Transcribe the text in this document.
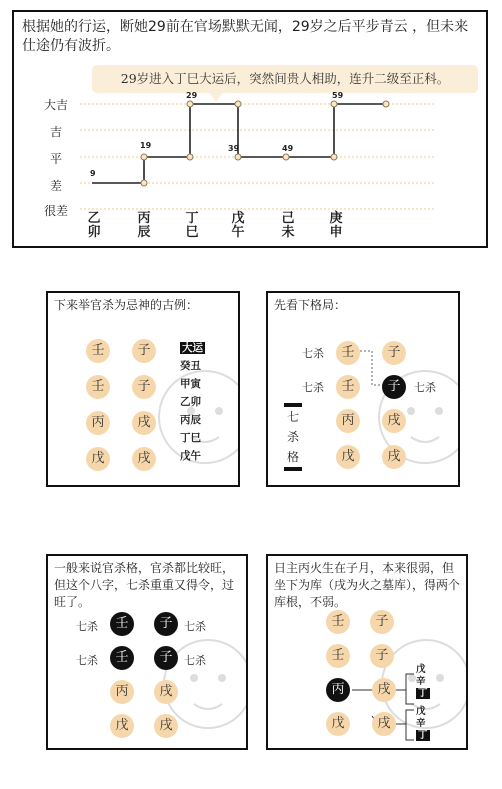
根据她的行运，断她29前在官场默默无闻，29岁之后平步青云 ，但未来仕途仍有波折。
29岁进入丁巳大运后，突然间贵人相助，连升二级至正科。
大吉
吉
平
差
很差
9
19
29
39	49
59
乙
卯
丙
辰
丁
巳
戊
午
己
未
庚
申
下来举官杀为忌神的古例：
壬	子
壬	子
丙	戌
戊	戌
大运
癸丑
甲寅
乙卯
丙辰
丁巳
戊午
先看下格局：
七杀
七杀	七杀
壬	子
壬	子
丙	戌
戊	戌
七
杀
格
一般来说官杀格，官杀都比较旺，但这个八字，七杀重重又得令，过旺了。
七杀	七杀
七杀	七杀
壬	子
壬	子
丙	戌
戊	戌
日主丙火生在子月，本来很弱，但坐下为库（戌为火之墓库），得两个库根，不弱。
壬	子
壬	子
丙	戌
戊	戌
戊
辛
丁
戊
辛
丁
